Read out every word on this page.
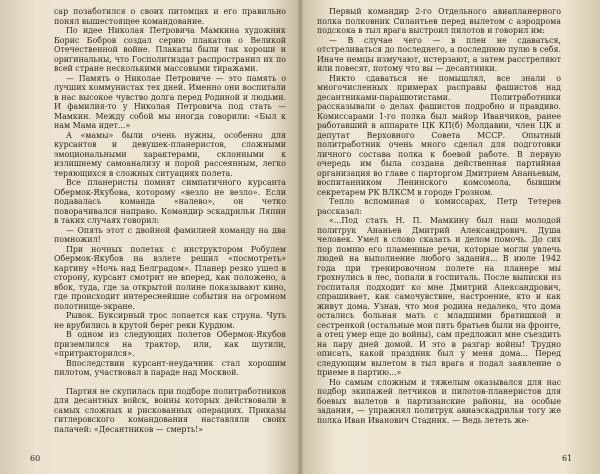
сар позаботился о своих питомцах и его правильно понял вышестоящее командование.

По идее Николая Петровича Мамкина художник Борис Бобров создал серию плакатов о Великой Отечественной войне. Плакаты были так хороши и оригинальны, что Госполитиздат распространил их по всей стране несколькими массовыми тиражами.

— Память о Николае Петровиче — это память о лучших коммунистах тех дней. Именно они воспитали в нас высокое чувство долга перед Родиной и людьми. И фамилия-то у Николая Петровича под стать — Мамкин. Между собой мы иногда говорили: «Был к нам Мама идет...»

А «мамы» были очень нужны, особенно для курсантов и девушек-планеристов, сложными эмоциональными характерами, склонными к излишнему самоанализу и порой рассеянным, легко теряющихся в сложных ситуациях полета.

Все планеристы помнят симпатичного курсанта Обермок-Якубова, которому «везло не везло». Если подавалась команда «налево», он четко поворачивался направо. Командир эскадрильи Ляпин в таких случаях говорил:

— Опять этот с двойной фамилией команду на два помножил!

При ночных полетах с инструктором Робулем Обермок-Якубов на взлете решил «посмотреть» картину «Ночь над Белградом». Планер резко ушел в сторону, курсант смотрит не вперед, как положено, а вбок, туда, где за открытой полине показывают кино, где происходит интереснейшие события на огромном полотнище-экране.

Рывок. Буксирный трос лопается как струна. Чуть не врубились в крутой берег реки Курдюм.

В одном из следующих полетов Обермок-Якубов приземлился на трактор, или, как шутили, «притракторился».

Впоследствии курсант-неудачник стал хорошим пилотом, участвовал в параде над Москвой.

Партия не скупилась при подборе политработников для десантных войск, воины которых действовали в самых сложных и рискованных операциях. Приказы гитлеровского командования наставляли своих палачей: «Десантников — смерть!»

Первый командир 2-го Отдельного авиапланерного полка полковник Силантьев перед вылетом с аэродрома подскока в тыл врага выстроил пилотов и говорил им:

— В случае чего — в плен не сдаваться, отстреливаться до последнего, а последнюю пулю в себя. Иначе немцы измучают, истерзают, а затем расстреляют или повесят, потому что вы — десантники.

Никто сдаваться не помышлял, все знали о многочисленных примерах расправы фашистов над десантниками-парашютистами. Политработники рассказывали о делах фашистов подробно и правдиво. Комиссарами 1-го полка был майор Иванчиков, ранее работавший в аппарате ЦК КП(б) Молдавии, член ЦК и депутат Верховного Совета МССР. Опытный политработник очень много сделал для подготовки личного состава полка к боевой работе. В первую очередь им была создана действенная партийная организация во главе с парторгом Дмитрием Ананьевым, воспитанником Ленинского комсомола, бывшим секретарем РК ВЛКСМ в городе Грозном.

Тепло вспоминая о комиссарах, Петр Тетерев рассказал:

«...Под стать Н. П. Мамкину был наш молодой политрук Ананьев Дмитрий Александрович. Душа человек. Умел в слово сказать и делом помочь. До сих пор помню его пламенные речи, которые могли увлечь людей на выполнение любого задания... В июле 1942 года при тренировочном полете на планере мы грохнулись в лес, попали в госпиталь. После выписки из госпиталя подходит ко мне Дмитрий Александрович, спрашивает, как самочувствие, настроение, кто и как живут дома. Узнав, что моя родина недалеко, что дома остались больная мать с младшими братишкой и сестренкой (остальные мои пять братьев были на фронте, а отец умер еще до войны), сам предложил мне съездить на пару дней домой. И это в разгар войны! Трудно описать, какой праздник был у меня дома... Перед следующим вылетом в тыл врага я подал заявление о приеме в партию...»

Но самым сложным и тяжелым оказывался для нас подбор экипажей летчиков и пилотов-планеристов для боевых вылетов в партизанские районы, на особые задания, — упражнял политрук авиаэскадрильи тогу же полка Иван Иванович Стадник. — Ведь лететь же-

60	61
